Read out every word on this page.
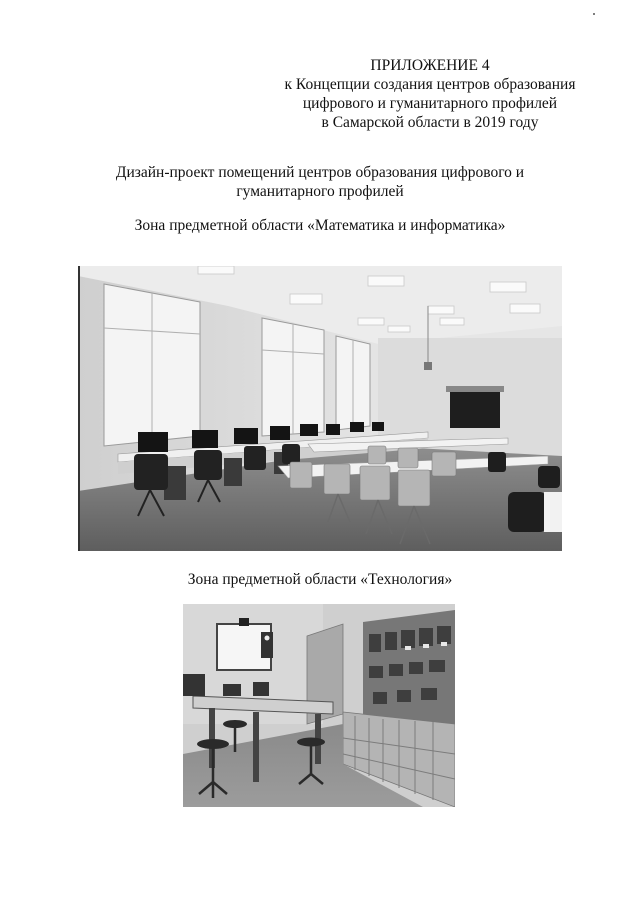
ПРИЛОЖЕНИЕ 4
к Концепции создания центров образования
цифрового и гуманитарного профилей
в Самарской области в 2019 году
Дизайн-проект помещений центров образования цифрового и
гуманитарного профилей
Зона предметной области «Математика и информатика»
Зона предметной области «Технология»
